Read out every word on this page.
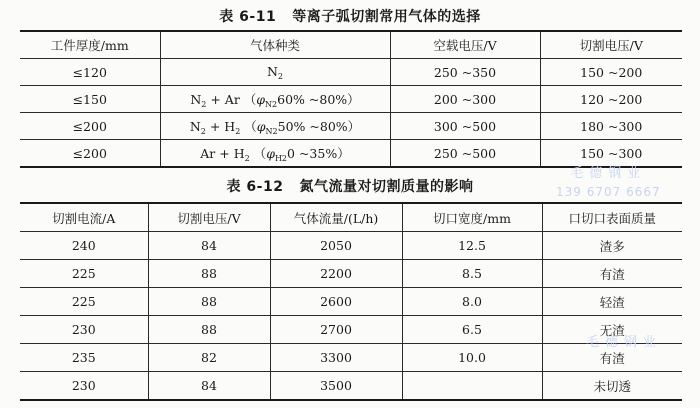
表 6-11 等离子弧切割常用气体的选择
工件厚度/mm	气体种类	空载电压/V	切割电压/V
≤120	$N_2$	250 ~350	150 ~200
≤150	$N_2 + Ar$ （$\varphi_{N2}60\%$ ~80%）	200 ~300	120 ~200
≤200	$N_2 + H_2$ （$\varphi_{N2}50\%$ ~80%）	300 ~500	180 ~300
≤200	$Ar + H_2$ （$\varphi_{H2}0$ ~35%）	250 ~500	150 ~300
毛德钢业
139 6707 6667
表 6-12 氮气流量对切割质量的影响
切割电流/A	切割电压/V	气体流量/(L/h)	切口宽度/mm	口切口表面质量
240	84	2050	12.5	渣多
225	88	2200	8.5	有渣
225	88	2600	8.0	轻渣
230	88	2700	6.5	无渣
235	82	3300	10.0	有渣
230	84	3500		未切透
毛德钢业
